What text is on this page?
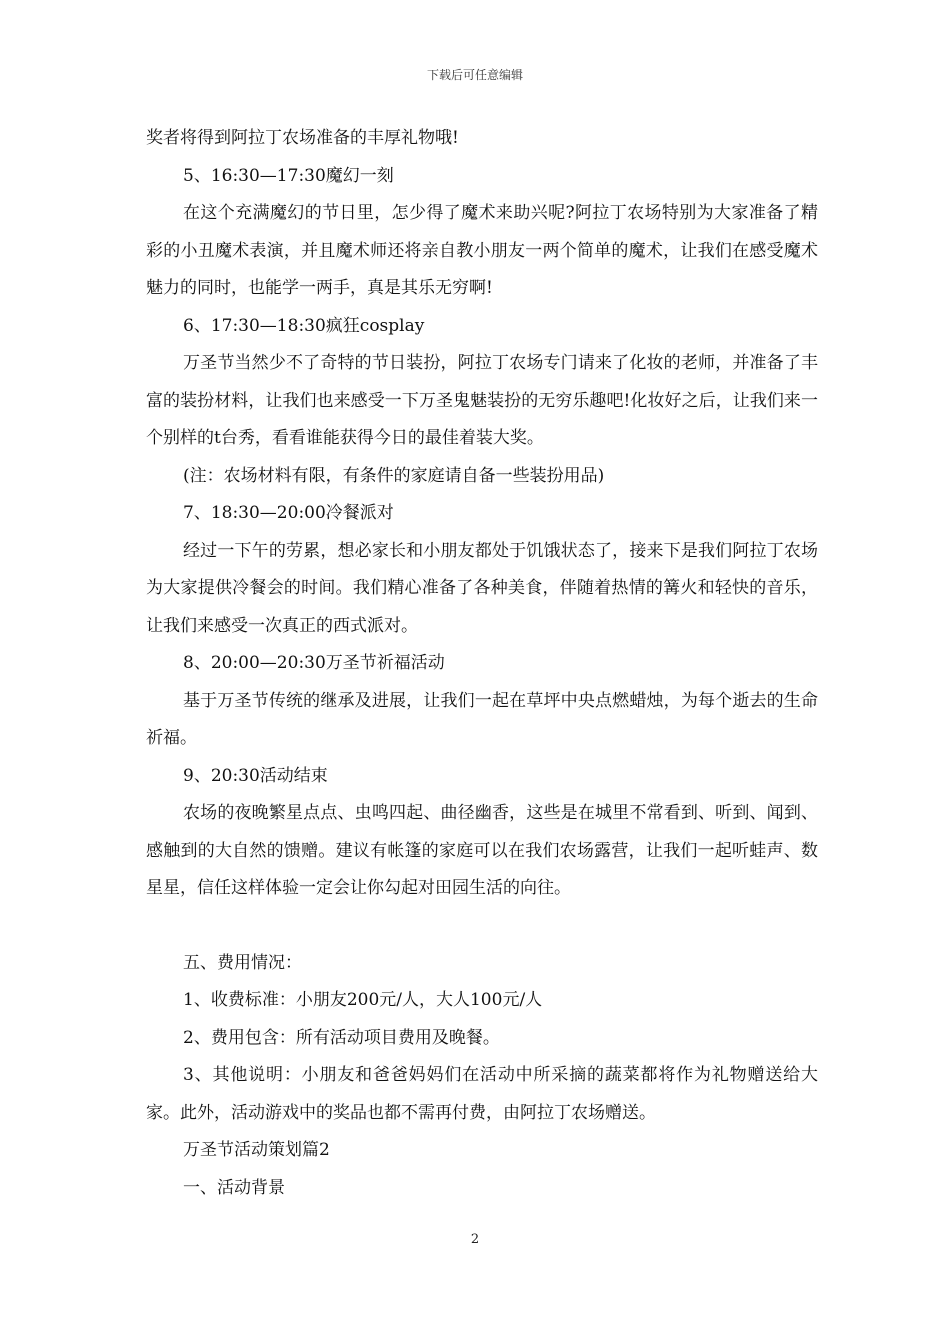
下载后可任意编辑

奖者将得到阿拉丁农场准备的丰厚礼物哦!

5、16:30—17:30魔幻一刻

在这个充满魔幻的节日里，怎少得了魔术来助兴呢?阿拉丁农场特别为大家准备了精彩的小丑魔术表演，并且魔术师还将亲自教小朋友一两个简单的魔术，让我们在感受魔术魅力的同时，也能学一两手，真是其乐无穷啊!

6、17:30—18:30疯狂cosplay

万圣节当然少不了奇特的节日装扮，阿拉丁农场专门请来了化妆的老师，并准备了丰富的装扮材料，让我们也来感受一下万圣鬼魅装扮的无穷乐趣吧!化妆好之后，让我们来一个别样的t台秀，看看谁能获得今日的最佳着装大奖。

(注：农场材料有限，有条件的家庭请自备一些装扮用品)

7、18:30—20:00冷餐派对

经过一下午的劳累，想必家长和小朋友都处于饥饿状态了，接来下是我们阿拉丁农场为大家提供冷餐会的时间。我们精心准备了各种美食，伴随着热情的篝火和轻快的音乐，让我们来感受一次真正的西式派对。

8、20:00—20:30万圣节祈福活动

基于万圣节传统的继承及进展，让我们一起在草坪中央点燃蜡烛，为每个逝去的生命祈福。

9、20:30活动结束

农场的夜晚繁星点点、虫鸣四起、曲径幽香，这些是在城里不常看到、听到、闻到、感触到的大自然的馈赠。建议有帐篷的家庭可以在我们农场露营，让我们一起听蛙声、数星星，信任这样体验一定会让你勾起对田园生活的向往。

五、费用情况：

1、收费标准：小朋友200元/人，大人100元/人

2、费用包含：所有活动项目费用及晚餐。

3、其他说明：小朋友和爸爸妈妈们在活动中所采摘的蔬菜都将作为礼物赠送给大家。此外，活动游戏中的奖品也都不需再付费，由阿拉丁农场赠送。

万圣节活动策划篇2

一、活动背景

2
